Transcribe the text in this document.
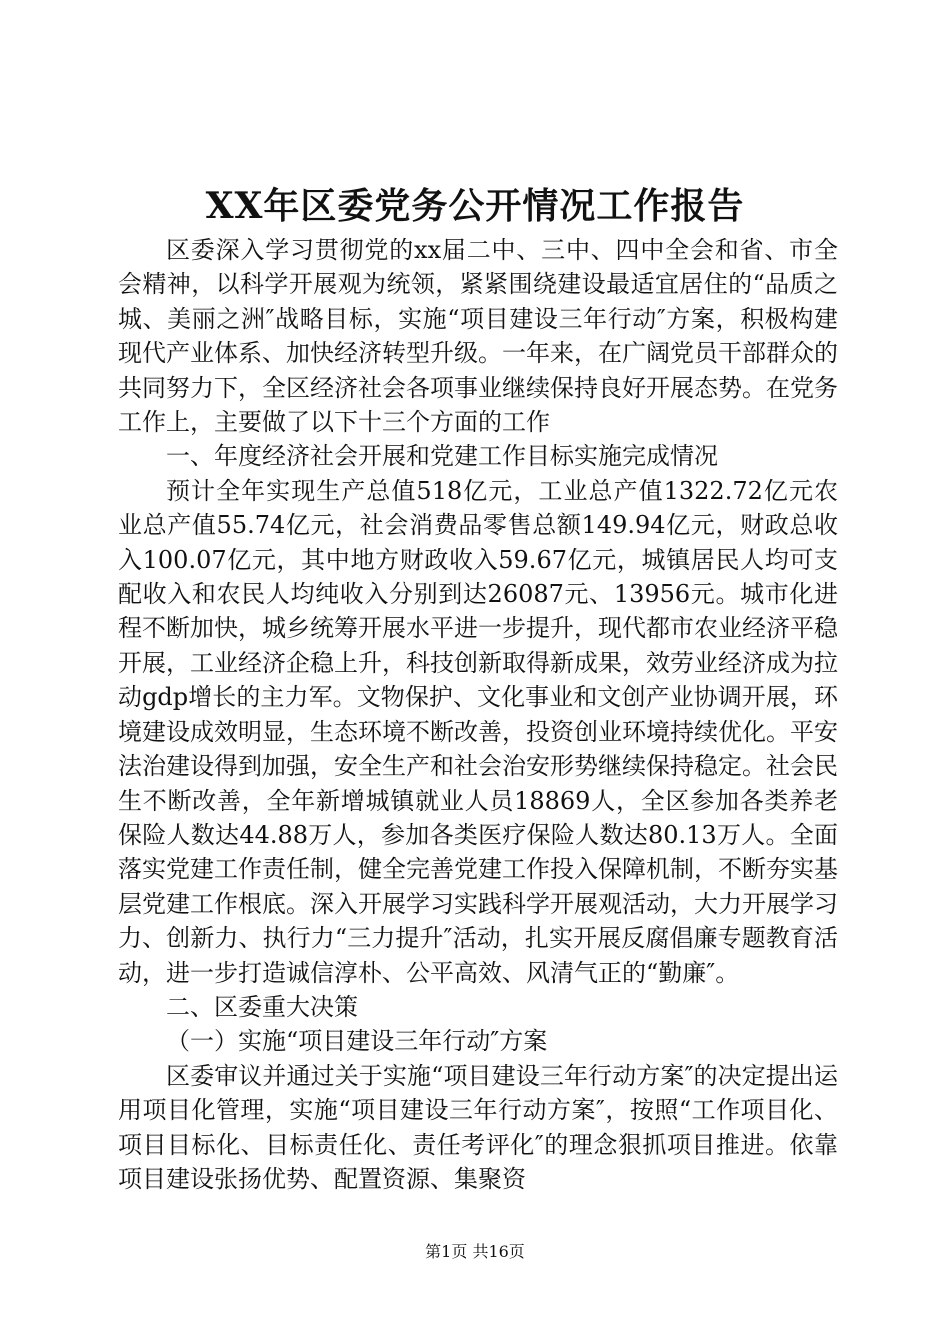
XX年区委党务公开情况工作报告

区委深入学习贯彻党的xx届二中、三中、四中全会和省、市全会精神，以科学开展观为统领，紧紧围绕建设最适宜居住的“品质之城、美丽之洲″战略目标，实施“项目建设三年行动″方案，积极构建现代产业体系、加快经济转型升级。一年来，在广阔党员干部群众的共同努力下，全区经济社会各项事业继续保持良好开展态势。在党务工作上，主要做了以下十三个方面的工作

一、年度经济社会开展和党建工作目标实施完成情况

预计全年实现生产总值518亿元，工业总产值1322.72亿元农业总产值55.74亿元，社会消费品零售总额149.94亿元，财政总收入100.07亿元，其中地方财政收入59.67亿元，城镇居民人均可支配收入和农民人均纯收入分别到达26087元、13956元。城市化进程不断加快，城乡统筹开展水平进一步提升，现代都市农业经济平稳开展，工业经济企稳上升，科技创新取得新成果，效劳业经济成为拉动gdp增长的主力军。文物保护、文化事业和文创产业协调开展，环境建设成效明显，生态环境不断改善，投资创业环境持续优化。平安法治建设得到加强，安全生产和社会治安形势继续保持稳定。社会民生不断改善，全年新增城镇就业人员18869人，全区参加各类养老保险人数达44.88万人，参加各类医疗保险人数达80.13万人。全面落实党建工作责任制，健全完善党建工作投入保障机制，不断夯实基层党建工作根底。深入开展学习实践科学开展观活动，大力开展学习力、创新力、执行力“三力提升″活动，扎实开展反腐倡廉专题教育活动，进一步打造诚信淳朴、公平高效、风清气正的“勤廉″。

二、区委重大决策

（一）实施“项目建设三年行动″方案

区委审议并通过关于实施“项目建设三年行动方案″的决定提出运用项目化管理，实施“项目建设三年行动方案″，按照“工作项目化、项目目标化、目标责任化、责任考评化″的理念狠抓项目推进。依靠项目建设张扬优势、配置资源、集聚资

第1页 共16页
